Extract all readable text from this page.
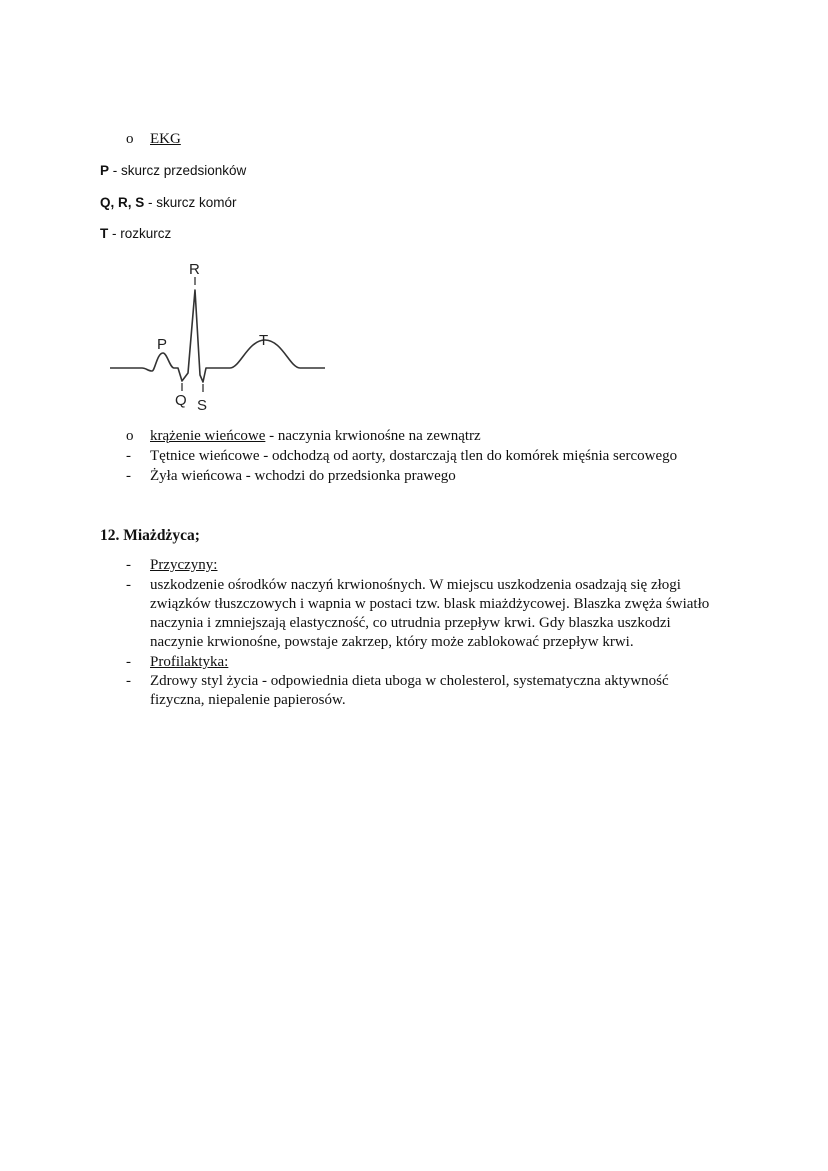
o EKG
P - skurcz przedsionków
Q, R, S - skurcz komór
T - rozkurcz
R
P	T
Q S
o krążenie wieńcowe - naczynia krwionośne na zewnątrz
- Tętnice wieńcowe - odchodzą od aorty, dostarczają tlen do komórek mięśnia sercowego
- Żyła wieńcowa - wchodzi do przedsionka prawego
12. Miażdżyca;
- Przyczyny:
- uszkodzenie ośrodków naczyń krwionośnych. W miejscu uszkodzenia osadzają się złogi
związków tłuszczowych i wapnia w postaci tzw. blask miażdżycowej. Blaszka zwęża światło
naczynia i zmniejszają elastyczność, co utrudnia przepływ krwi. Gdy blaszka uszkodzi
naczynie krwionośne, powstaje zakrzep, który może zablokować przepływ krwi.
- Profilaktyka:
- Zdrowy styl życia - odpowiednia dieta uboga w cholesterol, systematyczna aktywność
fizyczna, niepalenie papierosów.
